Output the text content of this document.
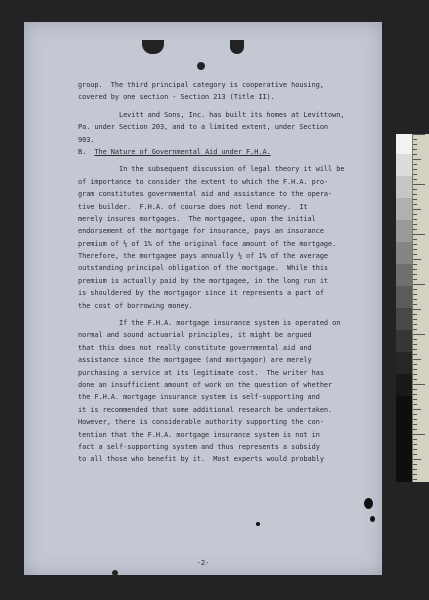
-2-
group.  The third principal category is cooperative housing,
covered by one section - Section 213 (Title II).
Levitt and Sons, Inc. has built its homes at Levittown,
Pa. under Section 203, and to a limited extent, under Section
903.
B.  The Nature of Governmental Aid under F.H.A.
In the subsequent discussion of legal theory it will be
of importance to consider the extent to which the F.H.A. pro-
gram constitutes governmental aid and assistance to the opera-
tive builder.  F.H.A. of course does not lend money.  It
merely insures mortgages.  The mortgagee, upon the initial
endorsement of the mortgage for insurance, pays an insurance
premium of ½ of 1% of the original face amount of the mortgage.
Therefore, the mortgagee pays annually ½ of 1% of the average
outstanding principal obligation of the mortgage.  While this
premium is actually paid by the mortgagee, in the long run it
is shouldered by the mortgagor since it represents a part of
the cost of borrowing money.
If the F.H.A. mortgage insurance system is operated on
normal and sound actuarial principles, it might be argued
that this does not really constitute governmental aid and
assistance since the mortgagee (and mortgagor) are merely
purchasing a service at its legitimate cost.  The writer has
done an insufficient amount of work on the question of whether
the F.H.A. mortgage insurance system is self-supporting and
it is recommended that some additional research be undertaken.
However, there is considerable authority supporting the con-
tention that the F.H.A. mortgage insurance system is not in
fact a self-supporting system and thus represents a subsidy
to all those who benefit by it.  Most experts would probably
